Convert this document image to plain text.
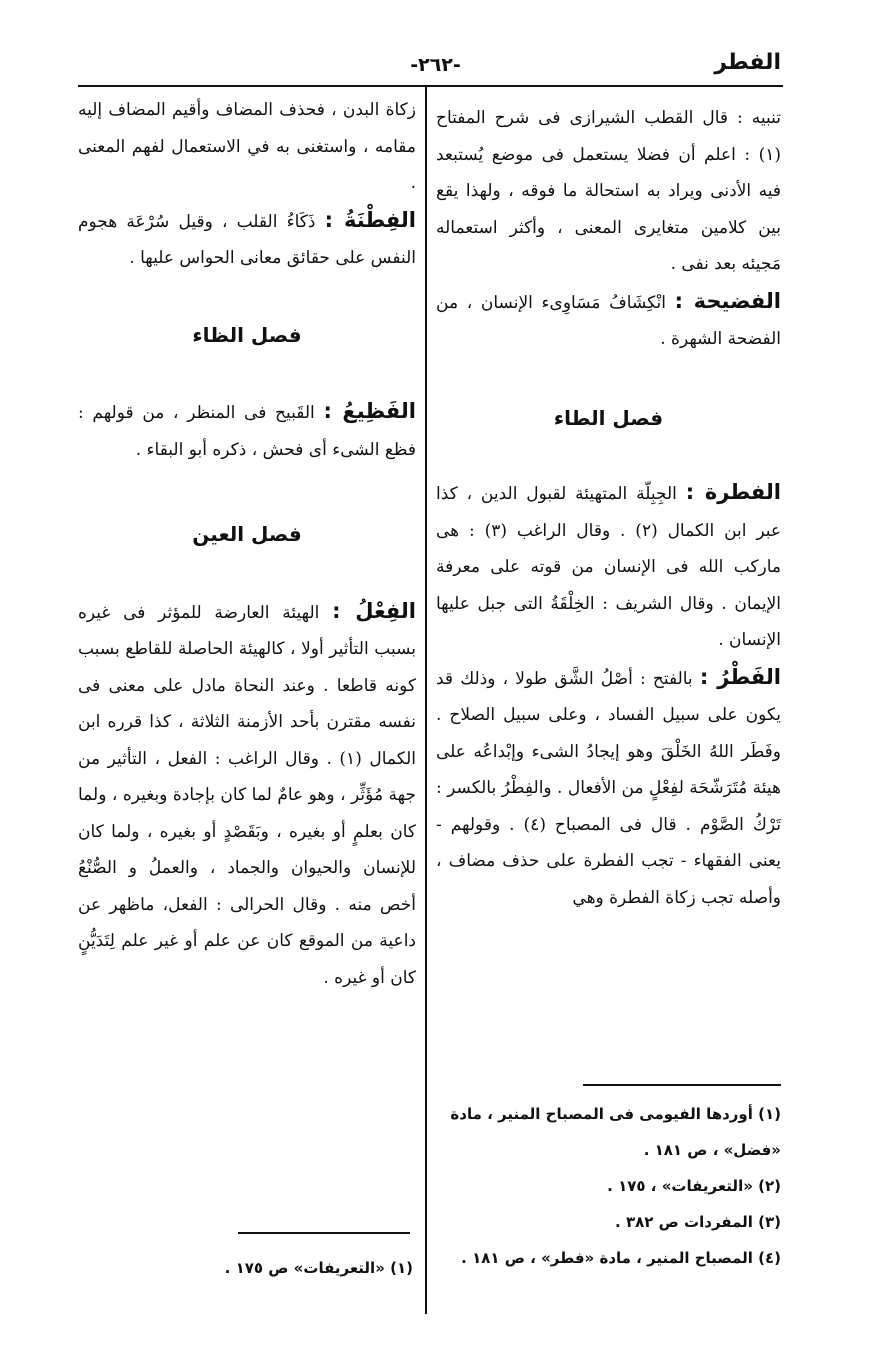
الفطر
-٢٦٢-

تنبيه : قال القطب الشيرازى فى شرح المفتاح (١) : اعلم أن فضلا يستعمل فى موضع يُستبعد فيه الأدنى ويراد به استحالة ما فوقه ، ولهذا يقع بين كلامين متغايرى المعنى ، وأكثر استعماله مَجيئه بعد نفى .

الفضيحة : انْكِشَافُ مَسَاوِىء الإنسان ، من الفضحة الشهرة .

فصل الطاء

الفطرة : الجِبِلّة المتهيئة لقبول الدين ، كذا عبر ابن الكمال (٢) . وقال الراغب (٣) : هى ماركب الله فى الإنسان من قوته على معرفة الإيمان . وقال الشريف : الخِلْقَةُ التى جبل عليها الإنسان .

الفَطْرُ : بالفتح : أصْلُ الشَّق طولا ، وذلك قد يكون على سبيل الفساد ، وعلى سبيل الصلاح . وفَطَر اللهُ الخَلْقَ وهو إيجادُ الشىء وإبْداعُه على هيئة مُتَرَشّحَة لفِعْلٍ من الأفعال . والفِطْرُ بالكسر : تَرْكُ الصَّوْم . قال فى المصباح (٤) . وقولهم - يعنى الفقهاء - تجب الفطرة على حذف مضاف ، وأصله تجب زكاة الفطرة وهي

زكاة البدن ، فحذف المضاف وأقيم المضاف إليه مقامه ، واستغنى به في الاستعمال لفهم المعنى .

الفِطْنَةُ : ذَكَاءُ القلب ، وقيل سُرْعَة هجوم النفس على حقائق معانى الحواس عليها .

فصل الظاء

الفَظِيعُ : القَبيح فى المنظر ، من قولهم : فظع الشىء أى فحش ، ذكره أبو البقاء .

فصل العين

الفِعْلُ : الهيئة العارضة للمؤثر فى غيره بسبب التأثير أولا ، كالهيئة الحاصلة للقاطع بسبب كونه قاطعا . وعند النحاة مادل على معنى فى نفسه مقترن بأحد الأزمنة الثلاثة ، كذا قرره ابن الكمال (١) . وقال الراغب : الفعل ، التأثير من جهة مُؤَثِّر ، وهو عامٌ لما كان بإجادة وبغيره ، ولما كان بعلمٍ أو بغيره ، وبَقَصْدٍ أو بغيره ، ولما كان للإنسان والحيوان والجماد ، والعملُ و الصُّنْعُ أخص منه . وقال الحرالى : الفعل، ماظهر عن داعية من الموقع كان عن علم أو غير علم لِتَدَيُّنٍ كان أو غيره .

(١) أوردها الفيومى فى المصباح المنير ، مادة «فضل» ، ص ١٨١ .

(٢) «التعريفات» ، ١٧٥ .

(٣) المفردات ص ٣٨٢ .

(٤) المصباح المنير ، مادة «فطر» ، ص ١٨١ .

(١) «التعريفات» ص ١٧٥ .
